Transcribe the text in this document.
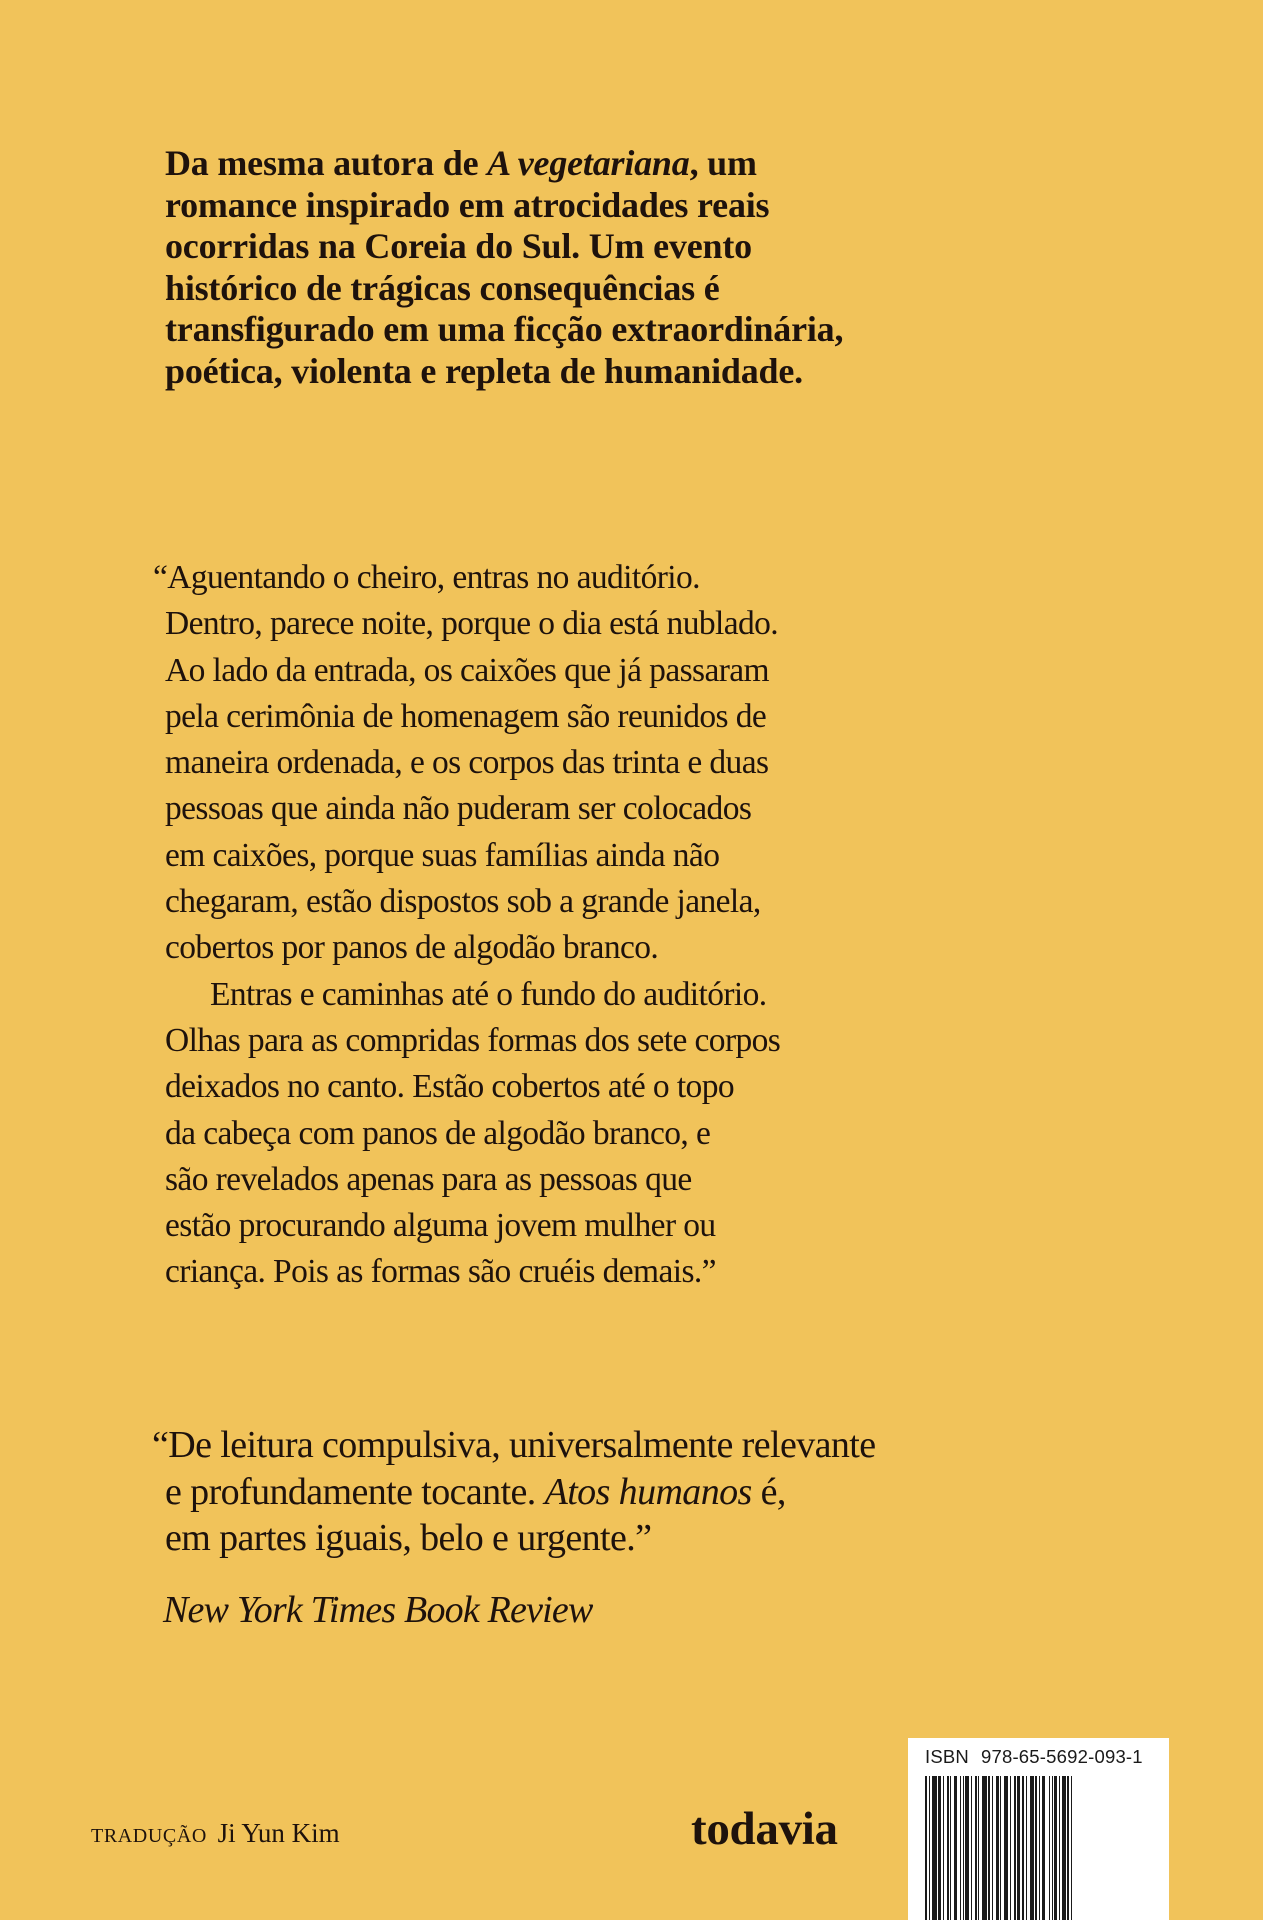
Da mesma autora de A vegetariana, um
romance inspirado em atrocidades reais
ocorridas na Coreia do Sul. Um evento
histórico de trágicas consequências é
transfigurado em uma ficção extraordinária,
poética, violenta e repleta de humanidade.
“Aguentando o cheiro, entras no auditório.
Dentro, parece noite, porque o dia está nublado.
Ao lado da entrada, os caixões que já passaram
pela cerimônia de homenagem são reunidos de
maneira ordenada, e os corpos das trinta e duas
pessoas que ainda não puderam ser colocados
em caixões, porque suas famílias ainda não
chegaram, estão dispostos sob a grande janela,
cobertos por panos de algodão branco.
Entras e caminhas até o fundo do auditório.
Olhas para as compridas formas dos sete corpos
deixados no canto. Estão cobertos até o topo
da cabeça com panos de algodão branco, e
são revelados apenas para as pessoas que
estão procurando alguma jovem mulher ou
criança. Pois as formas são cruéis demais.”
“De leitura compulsiva, universalmente relevante
e profundamente tocante. Atos humanos é,
em partes iguais, belo e urgente.”
New York Times Book Review
tradução Ji Yun Kim	todavia
ISBN 978-65-5692-093-1
